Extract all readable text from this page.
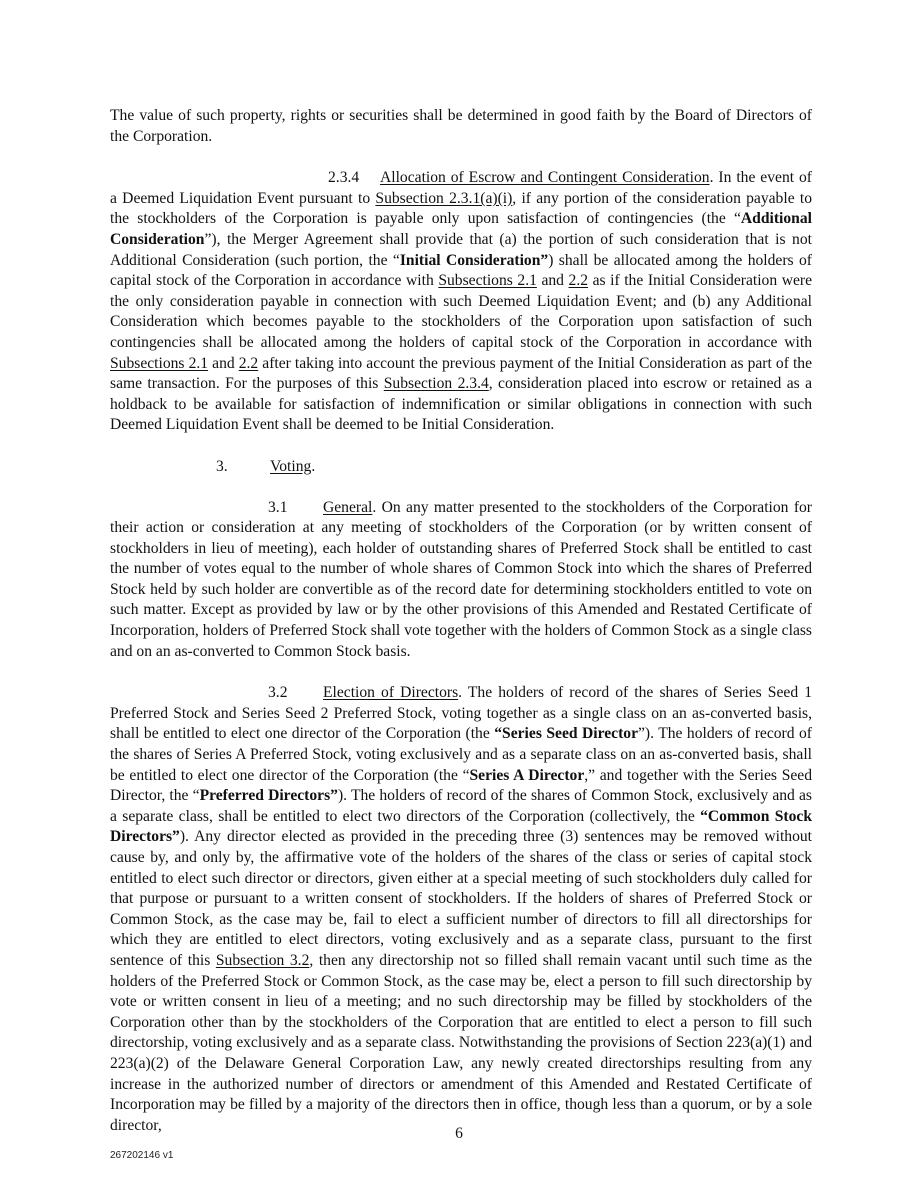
The value of such property, rights or securities shall be determined in good faith by the Board of Directors of the Corporation.

2.3.4 Allocation of Escrow and Contingent Consideration. In the event of a Deemed Liquidation Event pursuant to Subsection 2.3.1(a)(i), if any portion of the consideration payable to the stockholders of the Corporation is payable only upon satisfaction of contingencies (the “Additional Consideration”), the Merger Agreement shall provide that (a) the portion of such consideration that is not Additional Consideration (such portion, the “Initial Consideration”) shall be allocated among the holders of capital stock of the Corporation in accordance with Subsections 2.1 and 2.2 as if the Initial Consideration were the only consideration payable in connection with such Deemed Liquidation Event; and (b) any Additional Consideration which becomes payable to the stockholders of the Corporation upon satisfaction of such contingencies shall be allocated among the holders of capital stock of the Corporation in accordance with Subsections 2.1 and 2.2 after taking into account the previous payment of the Initial Consideration as part of the same transaction. For the purposes of this Subsection 2.3.4, consideration placed into escrow or retained as a holdback to be available for satisfaction of indemnification or similar obligations in connection with such Deemed Liquidation Event shall be deemed to be Initial Consideration.

3.	Voting.

3.1 General. On any matter presented to the stockholders of the Corporation for their action or consideration at any meeting of stockholders of the Corporation (or by written consent of stockholders in lieu of meeting), each holder of outstanding shares of Preferred Stock shall be entitled to cast the number of votes equal to the number of whole shares of Common Stock into which the shares of Preferred Stock held by such holder are convertible as of the record date for determining stockholders entitled to vote on such matter. Except as provided by law or by the other provisions of this Amended and Restated Certificate of Incorporation, holders of Preferred Stock shall vote together with the holders of Common Stock as a single class and on an as-converted to Common Stock basis.

3.2 Election of Directors. The holders of record of the shares of Series Seed 1 Preferred Stock and Series Seed 2 Preferred Stock, voting together as a single class on an as-converted basis, shall be entitled to elect one director of the Corporation (the “Series Seed Director”). The holders of record of the shares of Series A Preferred Stock, voting exclusively and as a separate class on an as-converted basis, shall be entitled to elect one director of the Corporation (the “Series A Director,” and together with the Series Seed Director, the “Preferred Directors”). The holders of record of the shares of Common Stock, exclusively and as a separate class, shall be entitled to elect two directors of the Corporation (collectively, the “Common Stock Directors”). Any director elected as provided in the preceding three (3) sentences may be removed without cause by, and only by, the affirmative vote of the holders of the shares of the class or series of capital stock entitled to elect such director or directors, given either at a special meeting of such stockholders duly called for that purpose or pursuant to a written consent of stockholders. If the holders of shares of Preferred Stock or Common Stock, as the case may be, fail to elect a sufficient number of directors to fill all directorships for which they are entitled to elect directors, voting exclusively and as a separate class, pursuant to the first sentence of this Subsection 3.2, then any directorship not so filled shall remain vacant until such time as the holders of the Preferred Stock or Common Stock, as the case may be, elect a person to fill such directorship by vote or written consent in lieu of a meeting; and no such directorship may be filled by stockholders of the Corporation other than by the stockholders of the Corporation that are entitled to elect a person to fill such directorship, voting exclusively and as a separate class. Notwithstanding the provisions of Section 223(a)(1) and 223(a)(2) of the Delaware General Corporation Law, any newly created directorships resulting from any increase in the authorized number of directors or amendment of this Amended and Restated Certificate of Incorporation may be filled by a majority of the directors then in office, though less than a quorum, or by a sole director,	6
267202146 v1
